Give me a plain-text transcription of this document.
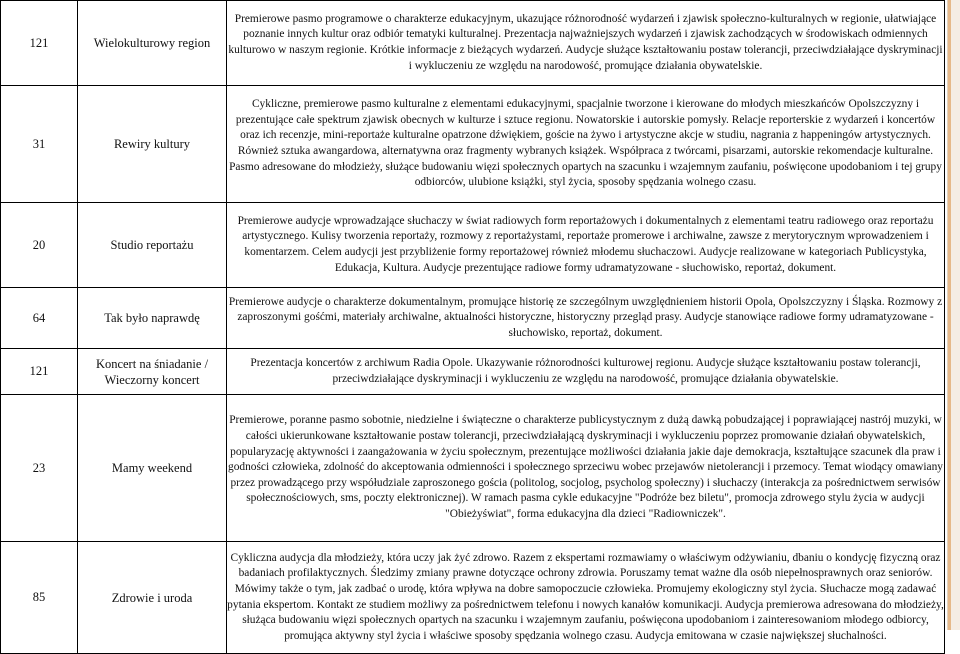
121	Wielokulturowy region	Premierowe pasmo programowe o charakterze edukacyjnym, ukazujące różnorodność wydarzeń i zjawisk społeczno-kulturalnych w regionie, ułatwiające poznanie innych kultur oraz odbiór tematyki kulturalnej. Prezentacja najważniejszych wydarzeń i zjawisk zachodzących w środowiskach odmiennych kulturowo w naszym regionie. Krótkie informacje z bieżących wydarzeń. Audycje służące kształtowaniu postaw tolerancji, przeciwdziałające dyskryminacji i wykluczeniu ze względu na narodowość, promujące działania obywatelskie.
31	Rewiry kultury	Cykliczne, premierowe pasmo kulturalne z elementami edukacyjnymi, spacjalnie tworzone i kierowane do młodych mieszkańców Opolszczyzny i prezentujące całe spektrum zjawisk obecnych w kulturze i sztuce regionu. Nowatorskie i autorskie pomysły. Relacje reporterskie z wydarzeń i koncertów oraz ich recenzje, mini-reportaże kulturalne opatrzone dźwiękiem, goście na żywo i artystyczne akcje w studiu, nagrania z happeningów artystycznych. Również sztuka awangardowa, alternatywna oraz fragmenty wybranych książek. Współpraca z twórcami, pisarzami, autorskie rekomendacje kulturalne. Pasmo adresowane do młodzieży, służące budowaniu więzi społecznych opartych na szacunku i wzajemnym zaufaniu, poświęcone upodobaniom i tej grupy odbiorców, ulubione książki, styl życia, sposoby spędzania wolnego czasu.
20	Studio reportażu	Premierowe audycje wprowadzające słuchaczy w świat radiowych form reportażowych i dokumentalnych z elementami teatru radiowego oraz reportażu artystycznego. Kulisy tworzenia reportaży, rozmowy z reportażystami, reportaże promerowe i archiwalne, zawsze z merytorycznym wprowadzeniem i komentarzem. Celem audycji jest przybliżenie formy reportażowej również młodemu słuchaczowi. Audycje realizowane w kategoriach Publicystyka, Edukacja, Kultura. Audycje prezentujące radiowe formy udramatyzowane - słuchowisko, reportaż, dokument.
64	Tak było naprawdę	Premierowe audycje o charakterze dokumentalnym, promujące historię ze szczególnym uwzględnieniem historii Opola, Opolszczyzny i Śląska. Rozmowy z zaproszonymi gośćmi, materiały archiwalne, aktualności historyczne, historyczny przegląd prasy. Audycje stanowiące radiowe formy udramatyzowane - słuchowisko, reportaż, dokument.
121	Koncert na śniadanie / Wieczorny koncert	Prezentacja koncertów z archiwum Radia Opole. Ukazywanie różnorodności kulturowej regionu. Audycje służące kształtowaniu postaw tolerancji, przeciwdziałające dyskryminacji i wykluczeniu ze względu na narodowość, promujące działania obywatelskie.
23	Mamy weekend	Premierowe, poranne pasmo sobotnie, niedzielne i świąteczne o charakterze publicystycznym z dużą dawką pobudzającej i poprawiającej nastrój muzyki, w całości ukierunkowane kształtowanie postaw tolerancji, przeciwdziałającą dyskryminacji i wykluczeniu poprzez promowanie działań obywatelskich, popularyzację aktywności i zaangażowania w życiu społecznym, prezentujące możliwości działania jakie daje demokracja, kształtujące szacunek dla praw i godności człowieka, zdolność do akceptowania odmienności i społecznego sprzeciwu wobec przejawów nietolerancji i przemocy. Temat wiodący omawiany przez prowadzącego przy współudziale zaproszonego gościa (politolog, socjolog, psycholog społeczny) i słuchaczy (interakcja za pośrednictwem serwisów społecznościowych, sms, poczty elektronicznej). W ramach pasma cykle edukacyjne "Podróże bez biletu", promocja zdrowego stylu życia w audycji "Obieżyświat", forma edukacyjna dla dzieci "Radiowniczek".
85	Zdrowie i uroda	Cykliczna audycja dla młodzieży, która uczy jak żyć zdrowo. Razem z ekspertami rozmawiamy o właściwym odżywianiu, dbaniu o kondycję fizyczną oraz badaniach profilaktycznych. Śledzimy zmiany prawne dotyczące ochrony zdrowia. Poruszamy temat ważne dla osób niepełnosprawnych oraz seniorów. Mówimy także o tym, jak zadbać o urodę, która wpływa na dobre samopoczucie człowieka. Promujemy ekologiczny styl życia. Słuchacze mogą zadawać pytania ekspertom. Kontakt ze studiem możliwy za pośrednictwem telefonu i nowych kanałów komunikacji. Audycja premierowa adresowana do młodzieży, służąca budowaniu więzi społecznych opartych na szacunku i wzajemnym zaufaniu, poświęcona upodobaniom i zainteresowaniom młodego odbiorcy, promująca aktywny styl życia i właściwe sposoby spędzania wolnego czasu. Audycja emitowana w czasie największej słuchalności.
